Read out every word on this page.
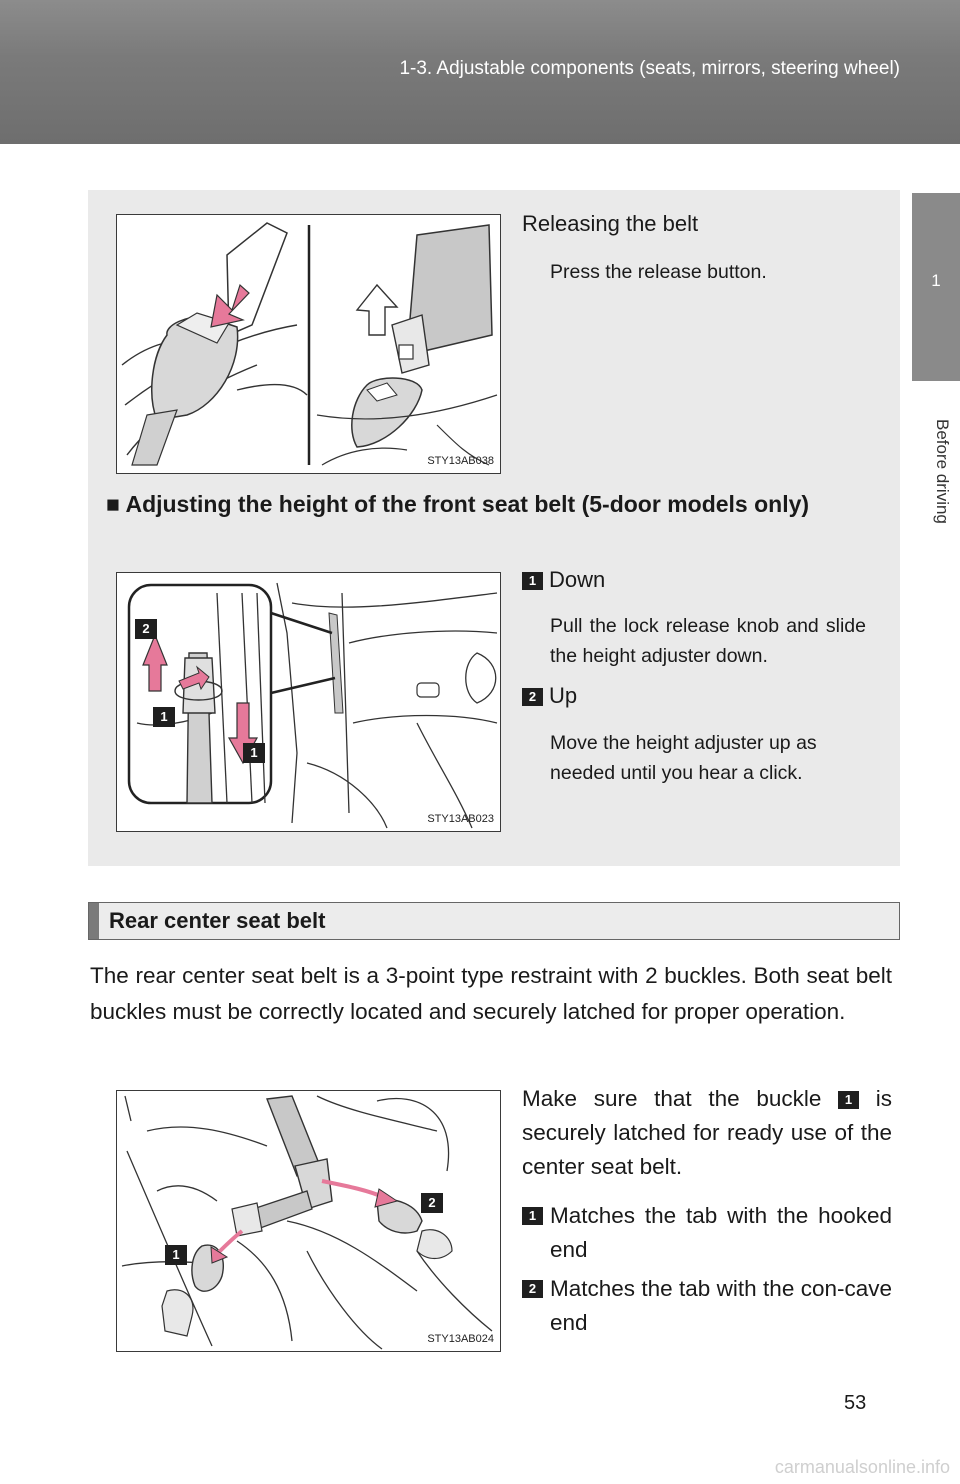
1-3. Adjustable components (seats, mirrors, steering wheel)
1
Before driving
STY13AB038
Releasing the belt
Press the release button.
■ Adjusting the height of the front seat belt (5-door models only)
2
1
1
STY13AB023
1 Down
Pull the lock release knob and slide the height adjuster down.
2 Up
Move the height adjuster up as needed until you hear a click.
Rear center seat belt
The rear center seat belt is a 3-point type restraint with 2 buckles. Both seat belt buckles must be correctly located and securely latched for proper operation.
2
1
STY13AB024
Make sure that the buckle 1 is securely latched for ready use of the center seat belt.
1 Matches the tab with the hooked end
2 Matches the tab with the con-cave end
53
carmanualsonline.info
